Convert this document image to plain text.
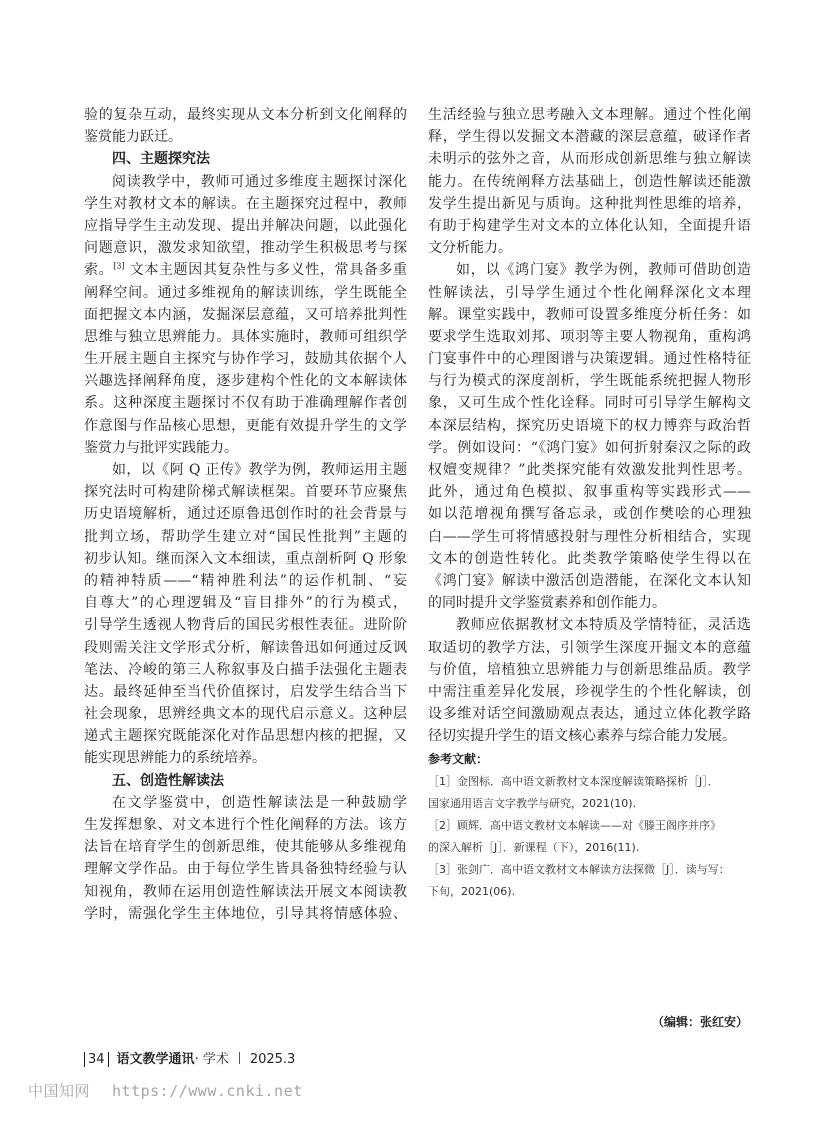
验的复杂互动，最终实现从文本分析到文化阐释的
鉴赏能力跃迁。
四、主题探究法
阅读教学中，教师可通过多维度主题探讨深化
学生对教材文本的解读。在主题探究过程中，教师
应指导学生主动发现、提出并解决问题，以此强化
问题意识，激发求知欲望，推动学生积极思考与探
索。[3] 文本主题因其复杂性与多义性，常具备多重
阐释空间。通过多维视角的解读训练，学生既能全
面把握文本内涵，发掘深层意蕴，又可培养批判性
思维与独立思辨能力。具体实施时，教师可组织学
生开展主题自主探究与协作学习，鼓励其依据个人
兴趣选择阐释角度，逐步建构个性化的文本解读体
系。这种深度主题探讨不仅有助于准确理解作者创
作意图与作品核心思想，更能有效提升学生的文学
鉴赏力与批评实践能力。
如，以《阿 Q 正传》教学为例，教师运用主题
探究法时可构建阶梯式解读框架。首要环节应聚焦
历史语境解析，通过还原鲁迅创作时的社会背景与
批判立场，帮助学生建立对“国民性批判”主题的
初步认知。继而深入文本细读，重点剖析阿 Q 形象
的精神特质——“精神胜利法”的运作机制、“妄
自尊大”的心理逻辑及“盲目排外”的行为模式，
引导学生透视人物背后的国民劣根性表征。进阶阶
段则需关注文学形式分析，解读鲁迅如何通过反讽
笔法、冷峻的第三人称叙事及白描手法强化主题表
达。最终延伸至当代价值探讨，启发学生结合当下
社会现象，思辨经典文本的现代启示意义。这种层
递式主题探究既能深化对作品思想内核的把握，又
能实现思辨能力的系统培养。
五、创造性解读法
在文学鉴赏中，创造性解读法是一种鼓励学
生发挥想象、对文本进行个性化阐释的方法。该方
法旨在培育学生的创新思维，使其能够从多维视角
理解文学作品。由于每位学生皆具备独特经验与认
知视角，教师在运用创造性解读法开展文本阅读教
学时，需强化学生主体地位，引导其将情感体验、
生活经验与独立思考融入文本理解。通过个性化阐
释，学生得以发掘文本潜藏的深层意蕴，破译作者
未明示的弦外之音，从而形成创新思维与独立解读
能力。在传统阐释方法基础上，创造性解读还能激
发学生提出新见与质询。这种批判性思维的培养，
有助于构建学生对文本的立体化认知，全面提升语
文分析能力。
如，以《鸿门宴》教学为例，教师可借助创造
性解读法，引导学生通过个性化阐释深化文本理
解。课堂实践中，教师可设置多维度分析任务：如
要求学生选取刘邦、项羽等主要人物视角，重构鸿
门宴事件中的心理图谱与决策逻辑。通过性格特征
与行为模式的深度剖析，学生既能系统把握人物形
象，又可生成个性化诠释。同时可引导学生解构文
本深层结构，探究历史语境下的权力博弈与政治哲
学。例如设问：“《鸿门宴》如何折射秦汉之际的政
权嬗变规律？”此类探究能有效激发批判性思考。
此外，通过角色模拟、叙事重构等实践形式——
如以范增视角撰写备忘录，或创作樊哙的心理独
白——学生可将情感投射与理性分析相结合，实现
文本的创造性转化。此类教学策略使学生得以在
《鸿门宴》解读中激活创造潜能，在深化文本认知
的同时提升文学鉴赏素养和创作能力。
教师应依据教材文本特质及学情特征，灵活选
取适切的教学方法，引领学生深度开掘文本的意蕴
与价值，培植独立思辨能力与创新思维品质。教学
中需注重差异化发展，珍视学生的个性化解读，创
设多维对话空间激励观点表达，通过立体化教学路
径切实提升学生的语文核心素养与综合能力发展。
参考文献：
［1］金图标．高中语文新教材文本深度解读策略探析［J］．
国家通用语言文字教学与研究，2021(10).
［2］顾辉．高中语文教材文本解读——对《滕王阁序并序》
的深入解析［J］．新课程（下），2016(11).
［3］张剑广．高中语文教材文本解读方法探微［J］．读与写：
下旬，2021(06).
（编辑：张红安）
34 语文教学通讯· 学术 2025.3
中国知网 https://www.cnki.net
